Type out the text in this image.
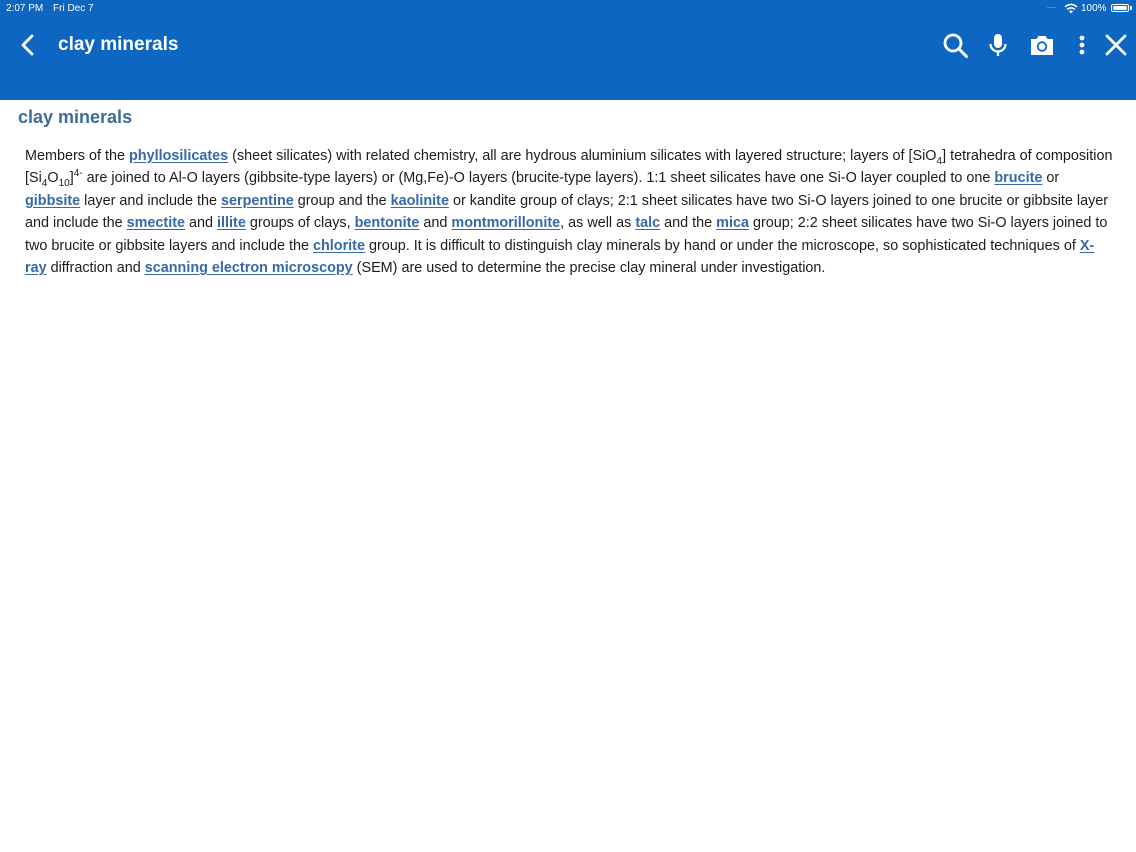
2:07 PM Fri Dec 7	..... 100%
clay minerals
clay minerals

Members of the phyllosilicates (sheet silicates) with related chemistry, all are hydrous aluminium silicates with layered structure; layers of [SiO$_4$] tetrahedra of composition $[Si_4O_{10}]^{4-}$ are joined to Al-O layers (gibbsite-type layers) or (Mg,Fe)-O layers (brucite-type layers). 1:1 sheet silicates have one Si-O layer coupled to one brucite or gibbsite layer and include the serpentine group and the kaolinite or kandite group of clays; 2:1 sheet silicates have two Si-O layers joined to one brucite or gibbsite layer and include the smectite and illite groups of clays, bentonite and montmorillonite, as well as talc and the mica group; 2:2 sheet silicates have two Si-O layers joined to two brucite or gibbsite layers and include the chlorite group. It is difficult to distinguish clay minerals by hand or under the microscope, so sophisticated techniques of X-ray diffraction and scanning electron microscopy (SEM) are used to determine the precise clay mineral under investigation.
